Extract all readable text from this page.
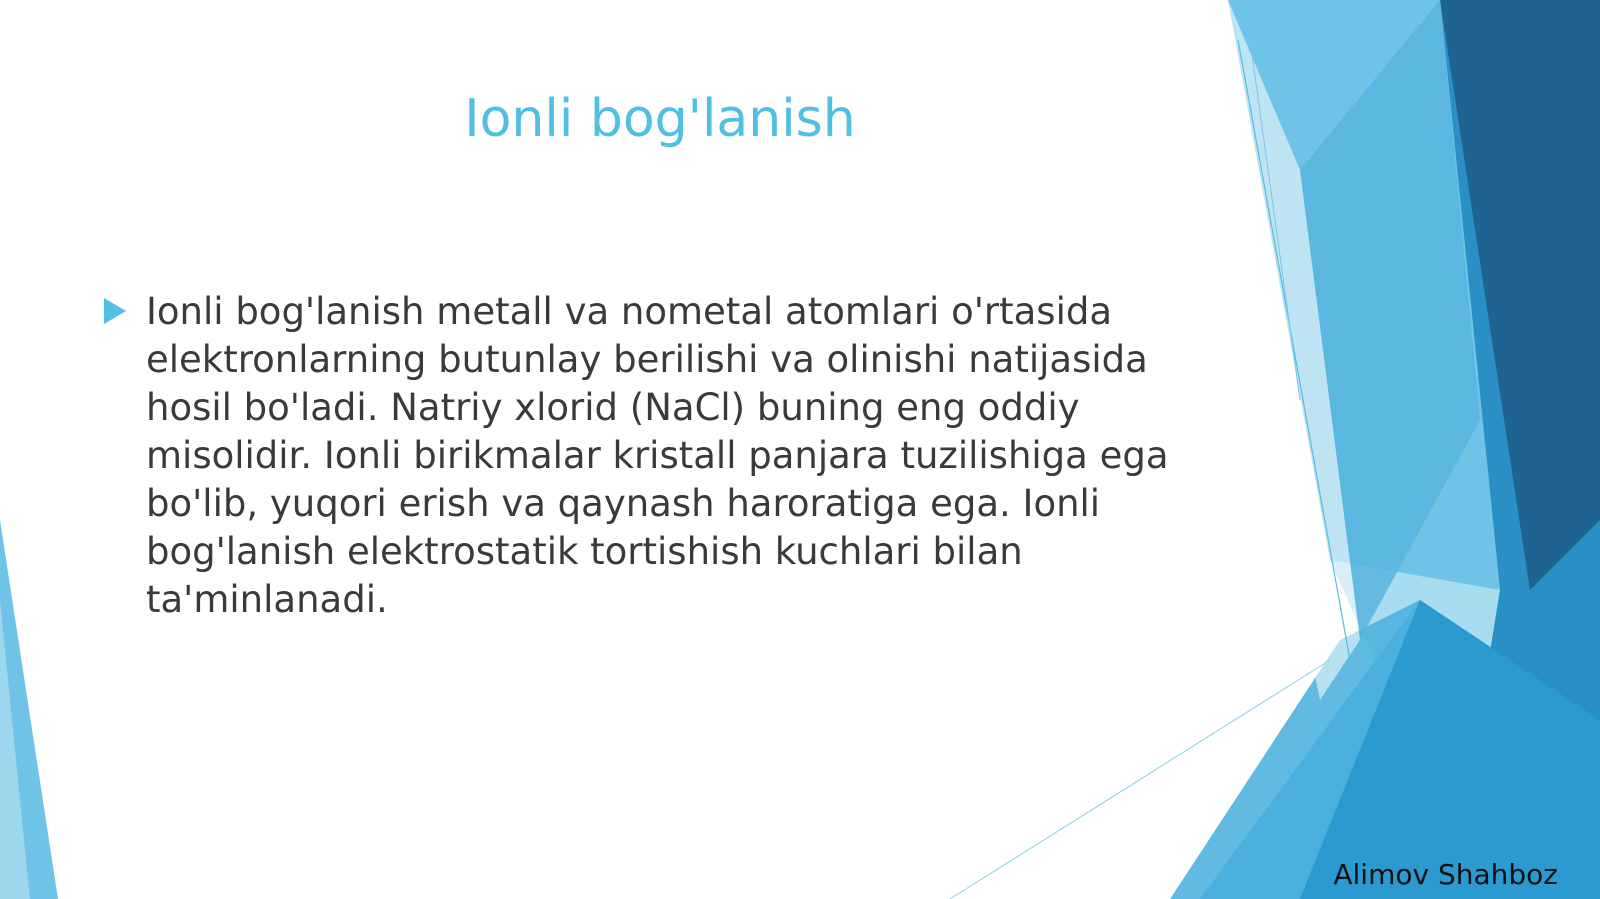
Ionli bog'lanish

Ionli bog'lanish metall va nometal atomlari o'rtasida elektronlarning butunlay berilishi va olinishi natijasida hosil bo'ladi. Natriy xlorid (NaCl) buning eng oddiy misolidir. Ionli birikmalar kristall panjara tuzilishiga ega bo'lib, yuqori erish va qaynash haroratiga ega. Ionli bog'lanish elektrostatik tortishish kuchlari bilan ta'minlanadi.

Alimov Shahboz
